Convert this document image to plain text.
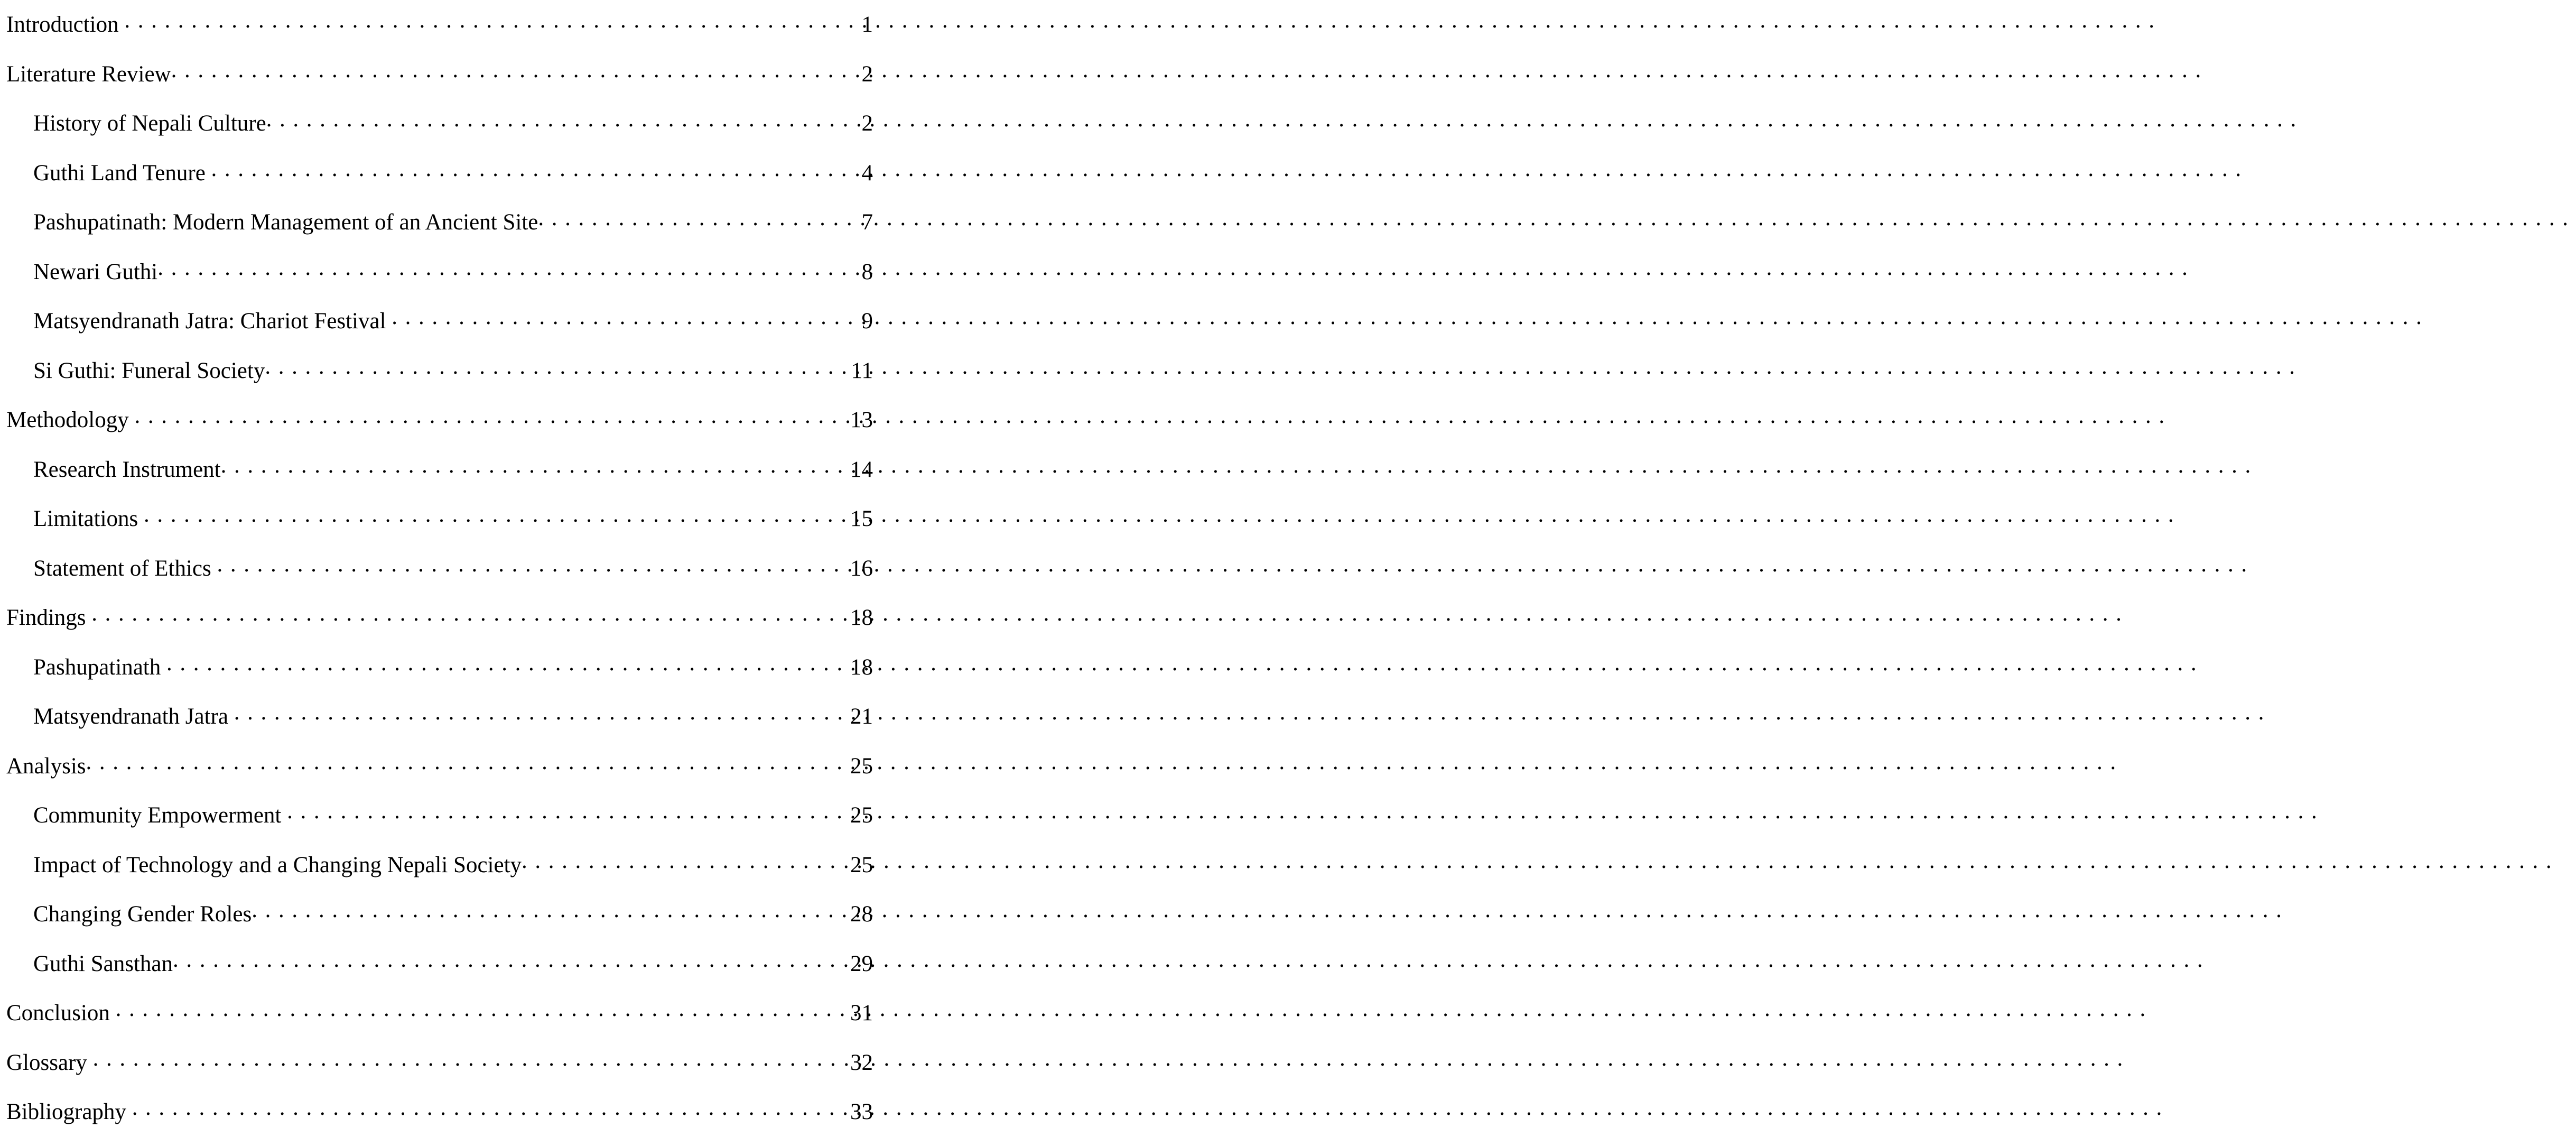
Introduction .....	1
Literature Review .....	2
History of Nepali Culture .....	2
Guthi Land Tenure .....	4
Pashupatinath: Modern Management of an Ancient Site .....	7
Newari Guthi .....	8
Matsyendranath Jatra: Chariot Festival .....	9
Si Guthi: Funeral Society .....	11
Methodology .....	13
Research Instrument .....	14
Limitations .....	15
Statement of Ethics .....	16
Findings .....	18
Pashupatinath .....	18
Matsyendranath Jatra .....	21
Analysis .....	25
Community Empowerment .....	25
Impact of Technology and a Changing Nepali Society .....	25
Changing Gender Roles .....	28
Guthi Sansthan .....	29
Conclusion .....	31
Glossary .....	32
Bibliography .....	33
